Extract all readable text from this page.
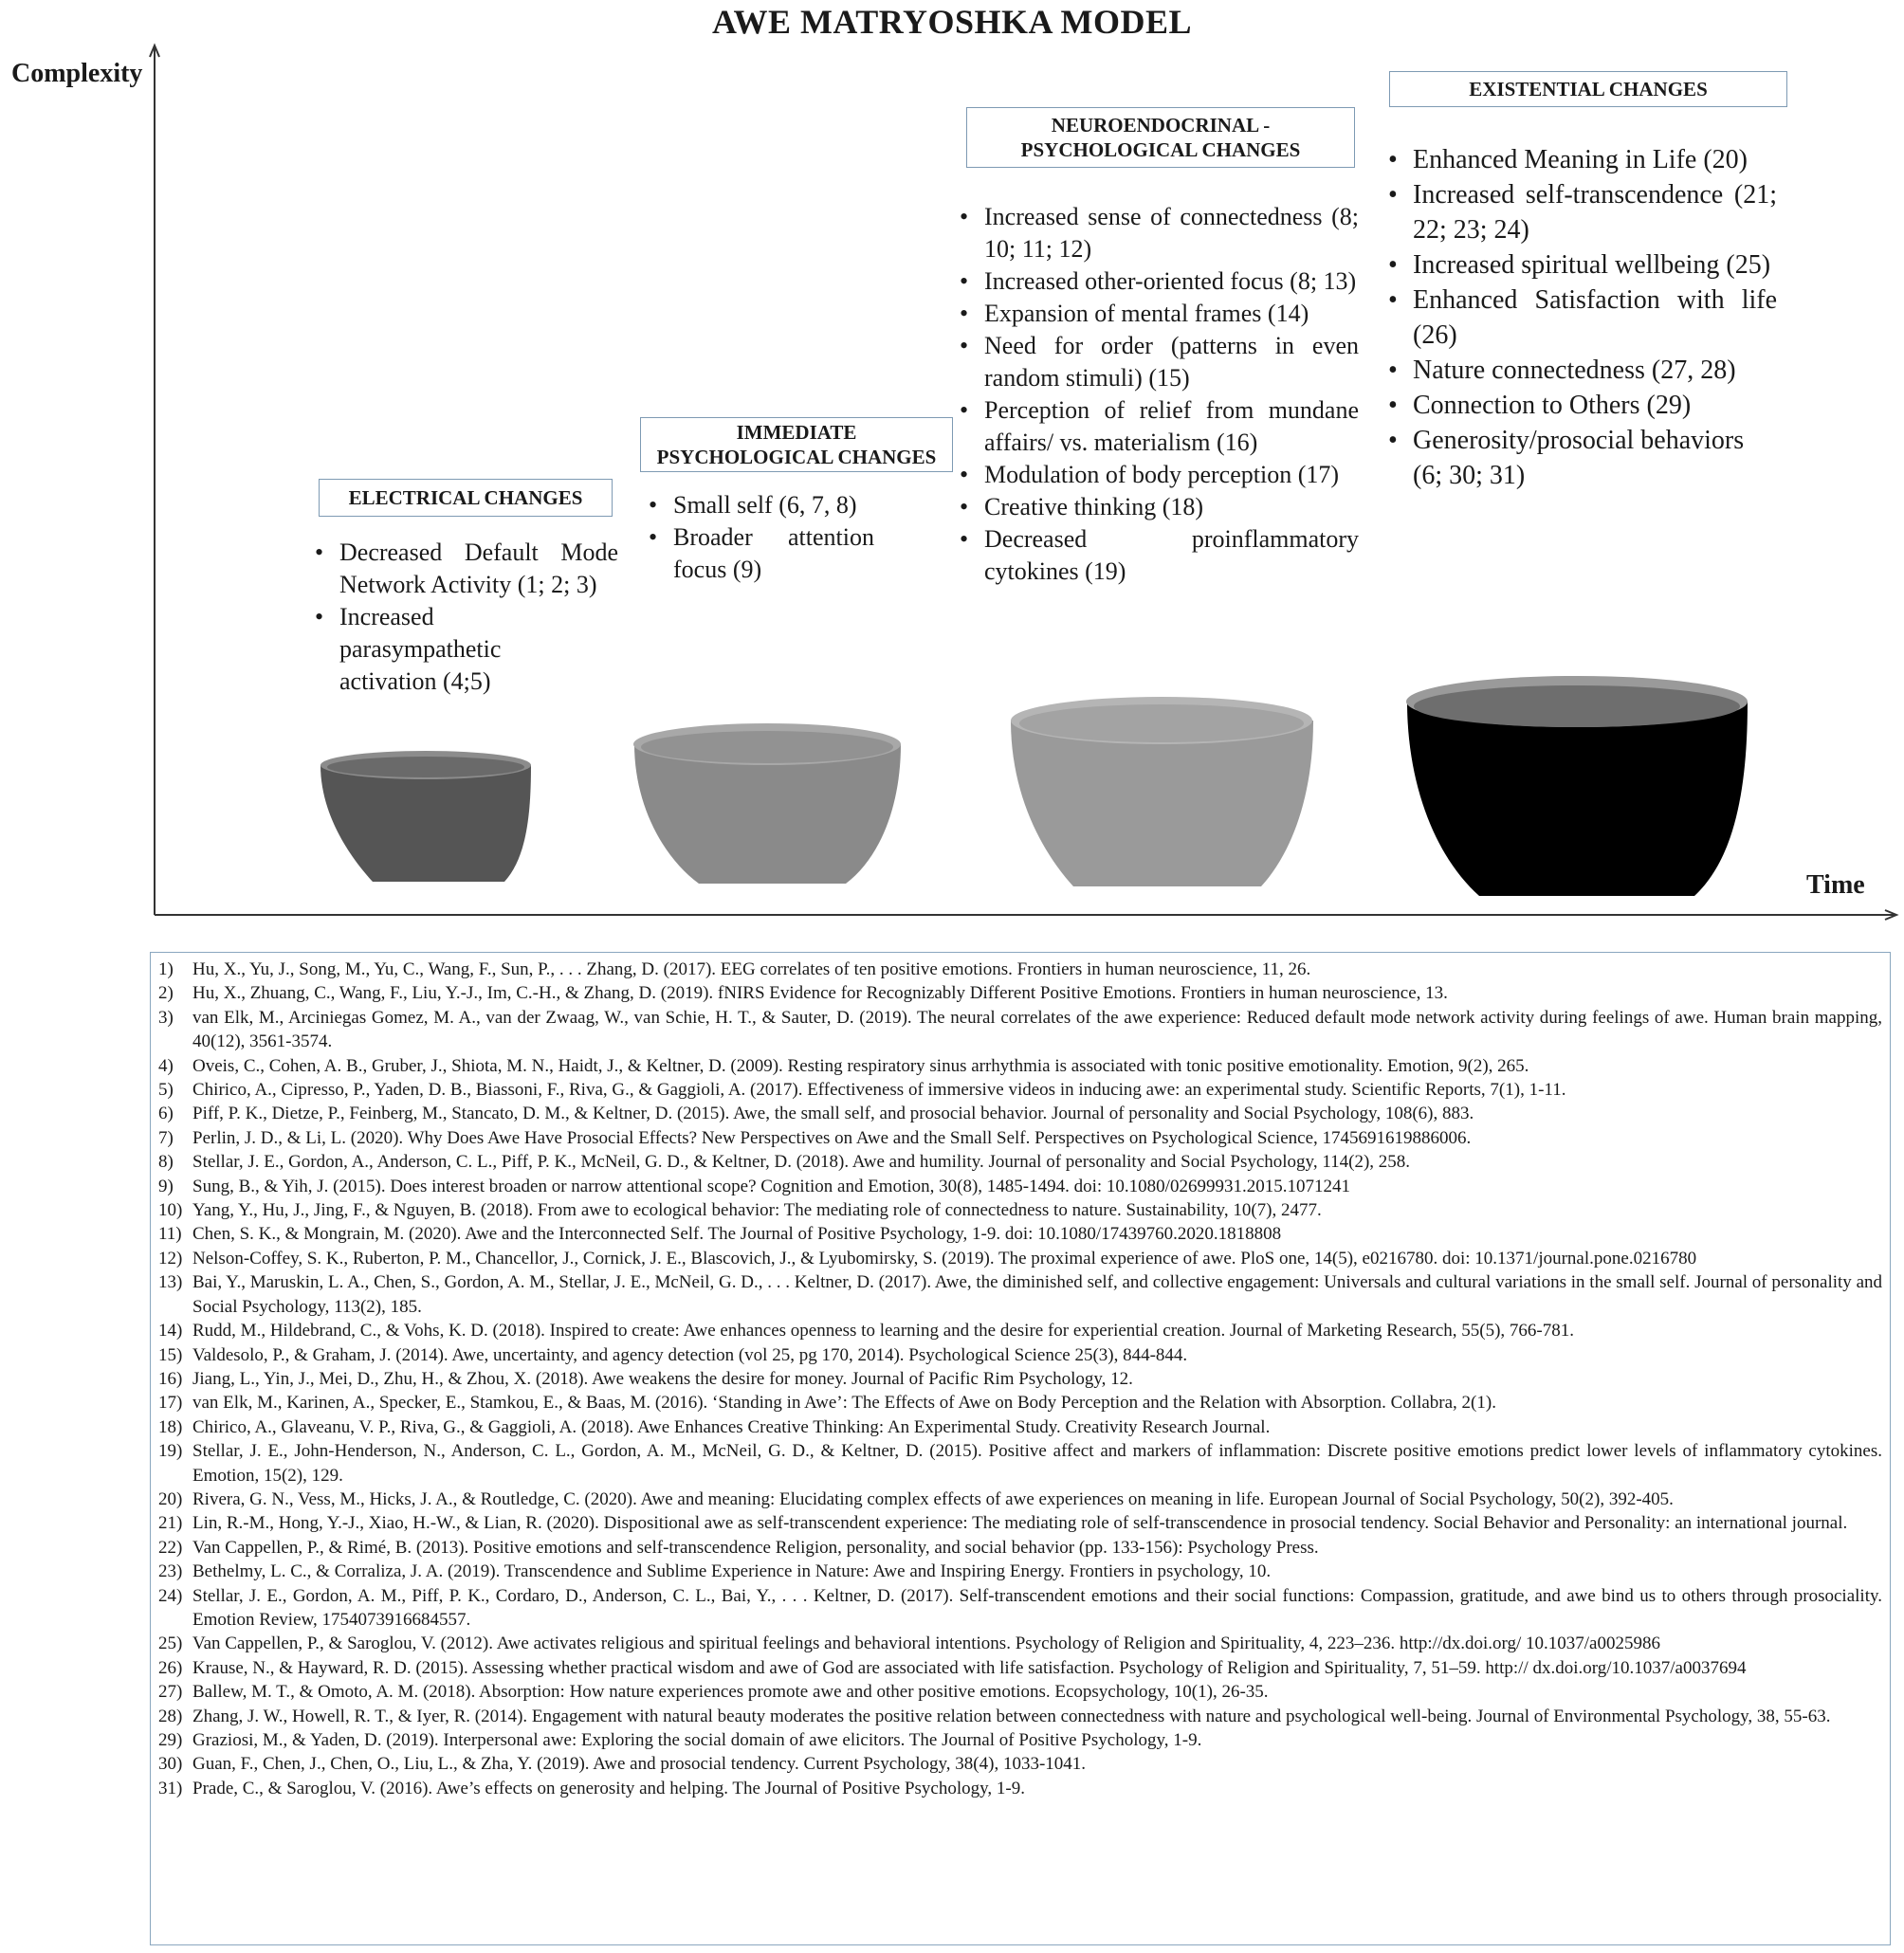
AWE MATRYOSHKA MODEL
Complexity
Time
ELECTRICAL CHANGES
• Decreased Default Mode Network Activity (1; 2; 3)
• Increased parasympathetic activation (4;5)
IMMEDIATE PSYCHOLOGICAL CHANGES
• Small self (6, 7, 8)
• Broader attention focus (9)
NEUROENDOCRINAL - PSYCHOLOGICAL CHANGES
• Increased sense of connectedness (8; 10; 11; 12)
• Increased other-oriented focus (8; 13)
• Expansion of mental frames (14)
• Need for order (patterns in even random stimuli) (15)
• Perception of relief from mundane affairs/ vs. materialism (16)
• Modulation of body perception (17)
• Creative thinking (18)
• Decreased proinflammatory cytokines (19)
EXISTENTIAL CHANGES
• Enhanced Meaning in Life (20)
• Increased self-transcendence (21; 22; 23; 24)
• Increased spiritual wellbeing (25)
• Enhanced Satisfaction with life (26)
• Nature connectedness (27, 28)
• Connection to Others (29)
• Generosity/prosocial behaviors (6; 30; 31)
1) Hu, X., Yu, J., Song, M., Yu, C., Wang, F., Sun, P., . . . Zhang, D. (2017). EEG correlates of ten positive emotions. Frontiers in human neuroscience, 11, 26.
2) Hu, X., Zhuang, C., Wang, F., Liu, Y.-J., Im, C.-H., & Zhang, D. (2019). fNIRS Evidence for Recognizably Different Positive Emotions. Frontiers in human neuroscience, 13.
3) van Elk, M., Arciniegas Gomez, M. A., van der Zwaag, W., van Schie, H. T., & Sauter, D. (2019). The neural correlates of the awe experience: Reduced default mode network activity during feelings of awe. Human brain mapping, 40(12), 3561-3574.
4) Oveis, C., Cohen, A. B., Gruber, J., Shiota, M. N., Haidt, J., & Keltner, D. (2009). Resting respiratory sinus arrhythmia is associated with tonic positive emotionality. Emotion, 9(2), 265.
5) Chirico, A., Cipresso, P., Yaden, D. B., Biassoni, F., Riva, G., & Gaggioli, A. (2017). Effectiveness of immersive videos in inducing awe: an experimental study. Scientific Reports, 7(1), 1-11.
6) Piff, P. K., Dietze, P., Feinberg, M., Stancato, D. M., & Keltner, D. (2015). Awe, the small self, and prosocial behavior. Journal of personality and Social Psychology, 108(6), 883.
7) Perlin, J. D., & Li, L. (2020). Why Does Awe Have Prosocial Effects? New Perspectives on Awe and the Small Self. Perspectives on Psychological Science, 1745691619886006.
8) Stellar, J. E., Gordon, A., Anderson, C. L., Piff, P. K., McNeil, G. D., & Keltner, D. (2018). Awe and humility. Journal of personality and Social Psychology, 114(2), 258.
9) Sung, B., & Yih, J. (2015). Does interest broaden or narrow attentional scope? Cognition and Emotion, 30(8), 1485-1494. doi: 10.1080/02699931.2015.1071241
10) Yang, Y., Hu, J., Jing, F., & Nguyen, B. (2018). From awe to ecological behavior: The mediating role of connectedness to nature. Sustainability, 10(7), 2477.
11) Chen, S. K., & Mongrain, M. (2020). Awe and the Interconnected Self. The Journal of Positive Psychology, 1-9. doi: 10.1080/17439760.2020.1818808
12) Nelson-Coffey, S. K., Ruberton, P. M., Chancellor, J., Cornick, J. E., Blascovich, J., & Lyubomirsky, S. (2019). The proximal experience of awe. PloS one, 14(5), e0216780. doi: 10.1371/journal.pone.0216780
13) Bai, Y., Maruskin, L. A., Chen, S., Gordon, A. M., Stellar, J. E., McNeil, G. D., . . . Keltner, D. (2017). Awe, the diminished self, and collective engagement: Universals and cultural variations in the small self. Journal of personality and Social Psychology, 113(2), 185.
14) Rudd, M., Hildebrand, C., & Vohs, K. D. (2018). Inspired to create: Awe enhances openness to learning and the desire for experiential creation. Journal of Marketing Research, 55(5), 766-781.
15) Valdesolo, P., & Graham, J. (2014). Awe, uncertainty, and agency detection (vol 25, pg 170, 2014). Psychological Science 25(3), 844-844.
16) Jiang, L., Yin, J., Mei, D., Zhu, H., & Zhou, X. (2018). Awe weakens the desire for money. Journal of Pacific Rim Psychology, 12.
17) van Elk, M., Karinen, A., Specker, E., Stamkou, E., & Baas, M. (2016). ‘Standing in Awe’: The Effects of Awe on Body Perception and the Relation with Absorption. Collabra, 2(1).
18) Chirico, A., Glaveanu, V. P., Riva, G., & Gaggioli, A. (2018). Awe Enhances Creative Thinking: An Experimental Study. Creativity Research Journal.
19) Stellar, J. E., John-Henderson, N., Anderson, C. L., Gordon, A. M., McNeil, G. D., & Keltner, D. (2015). Positive affect and markers of inflammation: Discrete positive emotions predict lower levels of inflammatory cytokines. Emotion, 15(2), 129.
20) Rivera, G. N., Vess, M., Hicks, J. A., & Routledge, C. (2020). Awe and meaning: Elucidating complex effects of awe experiences on meaning in life. European Journal of Social Psychology, 50(2), 392-405.
21) Lin, R.-M., Hong, Y.-J., Xiao, H.-W., & Lian, R. (2020). Dispositional awe as self-transcendent experience: The mediating role of self-transcendence in prosocial tendency. Social Behavior and Personality: an international journal.
22) Van Cappellen, P., & Rimé, B. (2013). Positive emotions and self-transcendence Religion, personality, and social behavior (pp. 133-156): Psychology Press.
23) Bethelmy, L. C., & Corraliza, J. A. (2019). Transcendence and Sublime Experience in Nature: Awe and Inspiring Energy. Frontiers in psychology, 10.
24) Stellar, J. E., Gordon, A. M., Piff, P. K., Cordaro, D., Anderson, C. L., Bai, Y., . . . Keltner, D. (2017). Self-transcendent emotions and their social functions: Compassion, gratitude, and awe bind us to others through prosociality. Emotion Review, 1754073916684557.
25) Van Cappellen, P., & Saroglou, V. (2012). Awe activates religious and spiritual feelings and behavioral intentions. Psychology of Religion and Spirituality, 4, 223–236. http://dx.doi.org/ 10.1037/a0025986
26) Krause, N., & Hayward, R. D. (2015). Assessing whether practical wisdom and awe of God are associated with life satisfaction. Psychology of Religion and Spirituality, 7, 51–59. http:// dx.doi.org/10.1037/a0037694
27) Ballew, M. T., & Omoto, A. M. (2018). Absorption: How nature experiences promote awe and other positive emotions. Ecopsychology, 10(1), 26-35.
28) Zhang, J. W., Howell, R. T., & Iyer, R. (2014). Engagement with natural beauty moderates the positive relation between connectedness with nature and psychological well-being. Journal of Environmental Psychology, 38, 55-63.
29) Graziosi, M., & Yaden, D. (2019). Interpersonal awe: Exploring the social domain of awe elicitors. The Journal of Positive Psychology, 1-9.
30) Guan, F., Chen, J., Chen, O., Liu, L., & Zha, Y. (2019). Awe and prosocial tendency. Current Psychology, 38(4), 1033-1041.
31) Prade, C., & Saroglou, V. (2016). Awe’s effects on generosity and helping. The Journal of Positive Psychology, 1-9.
